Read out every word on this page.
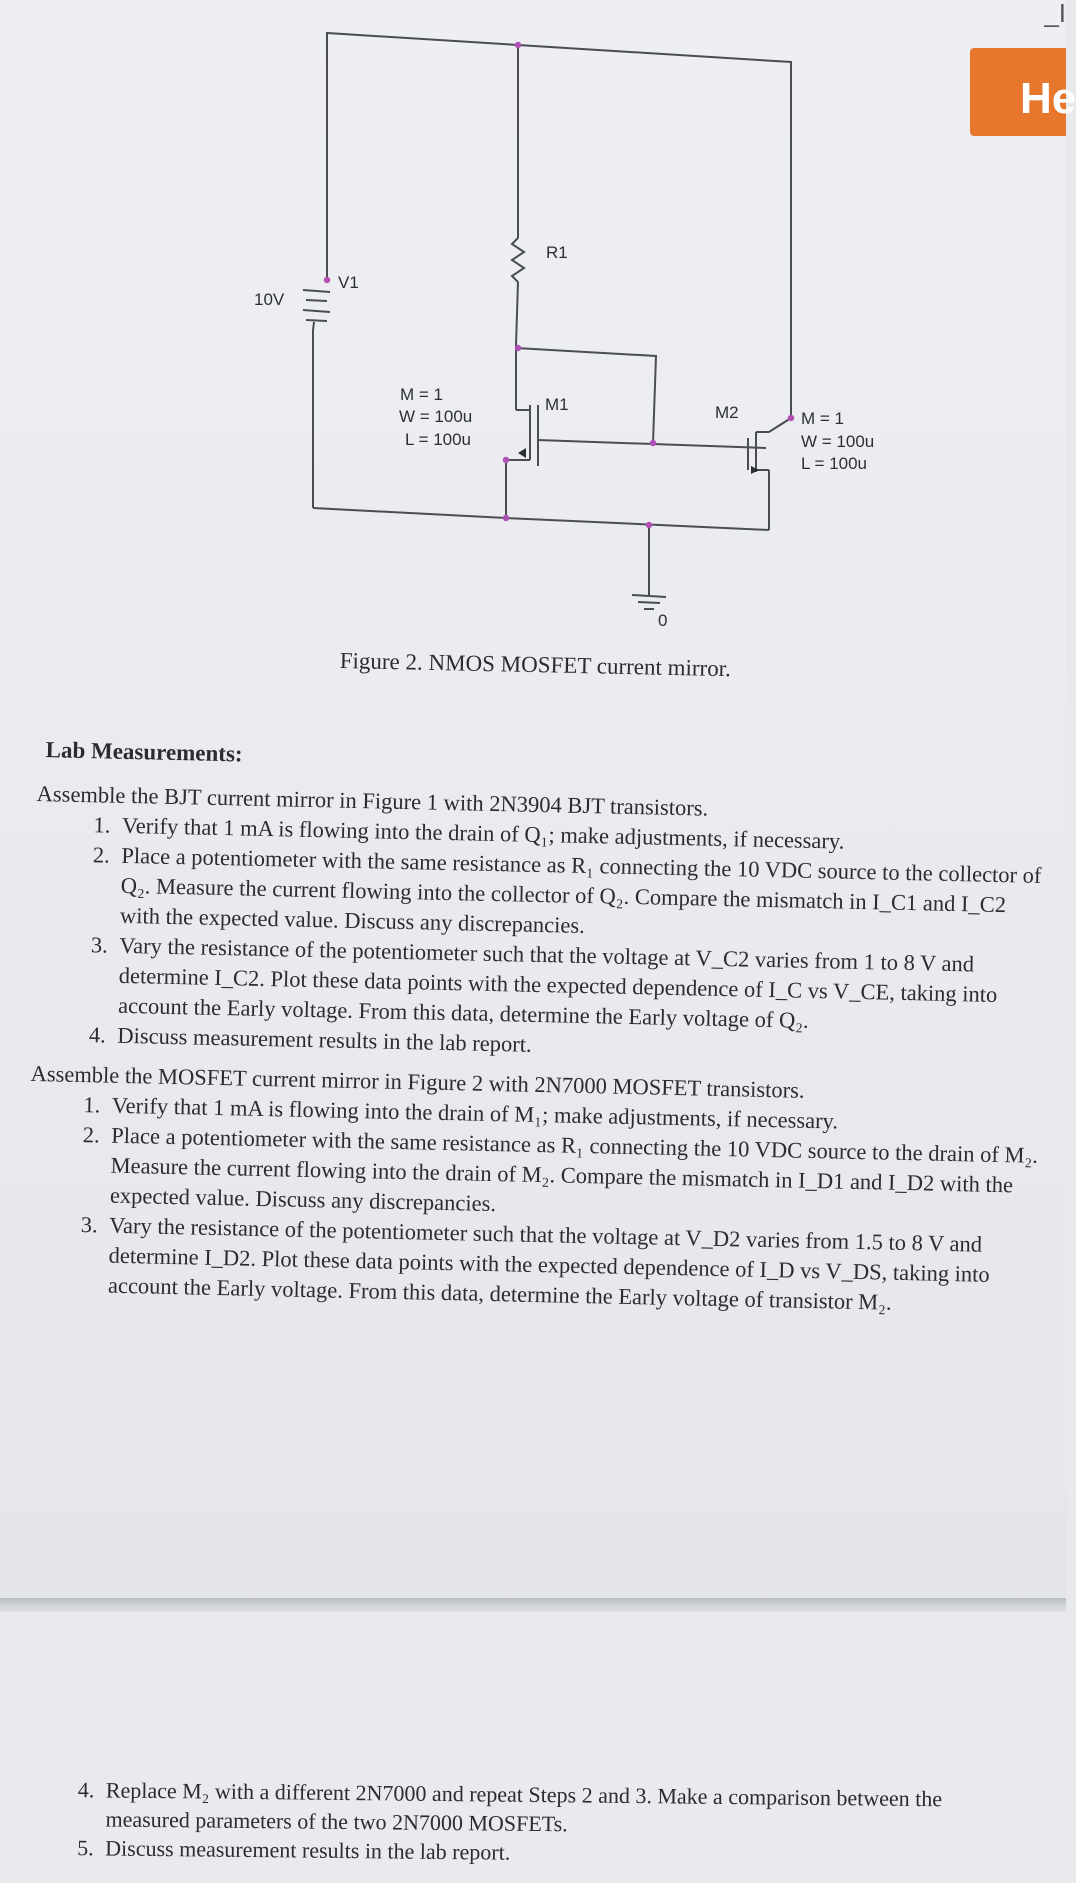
_I
He
10V
V1
R1
M1	M2
M = 1
W = 100u
L = 100u
M = 1
W = 100u
L = 100u
0

Figure 2. NMOS MOSFET current mirror.

Lab Measurements:

Assemble the BJT current mirror in Figure 1 with 2N3904 BJT transistors.

1. Verify that 1 mA is flowing into the drain of Q₁; make adjustments, if necessary.
2. Place a potentiometer with the same resistance as R₁ connecting the 10 VDC source to the collector of Q₂. Measure the current flowing into the collector of Q₂. Compare the mismatch in I_C1 and I_C2 with the expected value. Discuss any discrepancies.
3. Vary the resistance of the potentiometer such that the voltage at V_C2 varies from 1 to 8 V and determine I_C2. Plot these data points with the expected dependence of I_C vs V_CE, taking into account the Early voltage. From this data, determine the Early voltage of Q₂.
4. Discuss measurement results in the lab report.

Assemble the MOSFET current mirror in Figure 2 with 2N7000 MOSFET transistors.

1. Verify that 1 mA is flowing into the drain of M₁; make adjustments, if necessary.
2. Place a potentiometer with the same resistance as R₁ connecting the 10 VDC source to the drain of M₂. Measure the current flowing into the drain of M₂. Compare the mismatch in I_D1 and I_D2 with the expected value. Discuss any discrepancies.
3. Vary the resistance of the potentiometer such that the voltage at V_D2 varies from 1.5 to 8 V and determine I_D2. Plot these data points with the expected dependence of I_D vs V_DS, taking into account the Early voltage. From this data, determine the Early voltage of transistor M₂.
4. Replace M₂ with a different 2N7000 and repeat Steps 2 and 3. Make a comparison between the measured parameters of the two 2N7000 MOSFETs.
5. Discuss measurement results in the lab report.
